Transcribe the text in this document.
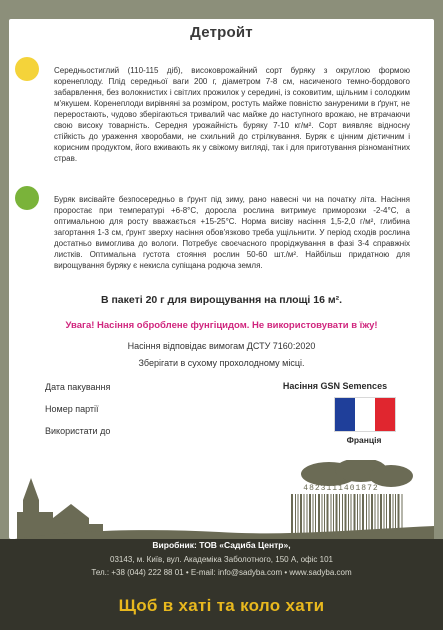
Детройт

Середньостиглий (110-115 діб), високоврожайний сорт буряку з округлою формою коренеплоду. Плід середньої ваги 200 г, діаметром 7-8 см, насиченого темно-бордового забарвлення, без волокнистих і світлих прожилок у середині, із соковитим, щільним і солодким м'якушем. Коренеплоди вирівняні за розміром, ростуть майже повністю зануреними в ґрунт, не переростають, чудово зберігаються тривалий час майже до наступного врожаю, не втрачаючи свою високу товарність. Середня урожайність буряку 7-10 кг/м². Сорт виявляє відносну стійкість до ураження хворобами, не схильний до стрілкування. Буряк є цінним дієтичним і корисним продуктом, його вживають як у свіжому вигляді, так і для приготування різноманітних страв.

Буряк висівайте безпосередньо в ґрунт під зиму, рано навесні чи на початку літа. Насіння проростає при температурі +6-8°С, доросла рослина витримує приморозки -2-4°С, а оптимальною для росту вважається +15-25°С. Норма висіву насіння 1,5-2,0 г/м², глибина загортання 1-3 см, ґрунт зверху насіння обов'язково треба ущільнити. У період сходів рослина достатньо вимоглива до вологи. Потребує своєчасного проріджування в фазі 3-4 справжніх листків. Оптимальна густота стояння рослин 50-60 шт./м². Найбільш придатною для вирощування буряку є некисла супіщана родюча земля.

В пакеті 20 г для вирощування на площі 16 м².
Увага! Насіння оброблене фунгіцидом. Не використовувати в їжу!
Насіння відповідає вимогам ДСТУ 7160:2020
Зберігати в сухому прохолодному місці.
Дата пакування
Номер партії
Використати до
Насіння GSN Semences
Франція
4823111401872
Виробник: ТОВ «Садиба Центр»,
03143, м. Київ, вул. Академіка Заболотного, 150 А, офіс 101
Тел.: +38 (044) 222 88 01 • E-mail: info@sadyba.com • www.sadyba.com
Щоб в хаті та коло хати
